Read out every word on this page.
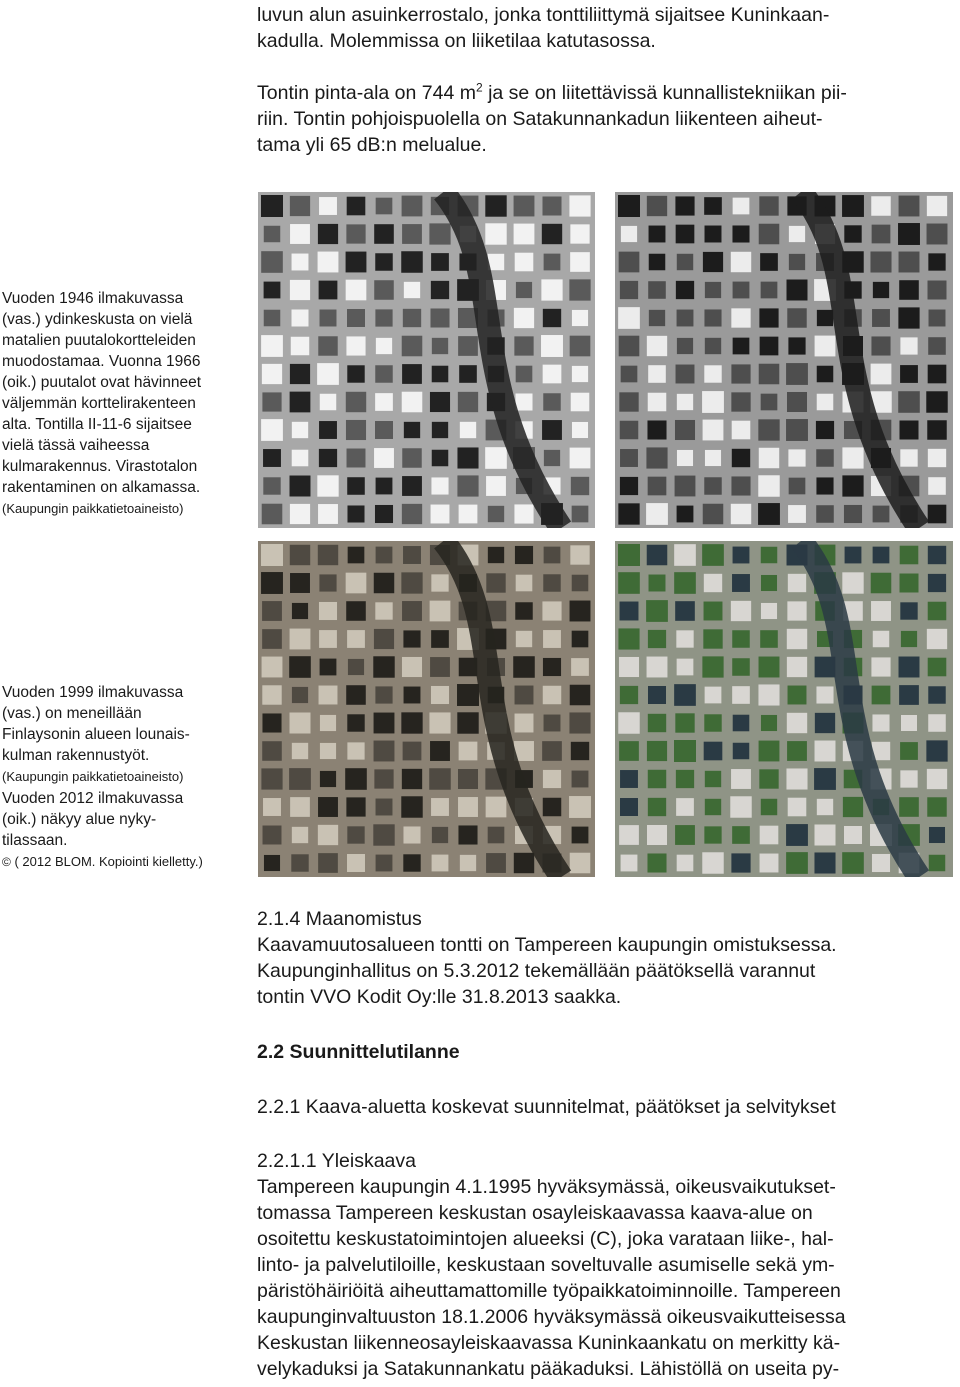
luvun alun asuinkerrostalo, jonka tonttiliittymä sijaitsee Kuninkaan-
kadulla. Molemmissa on liiketilaa katutasossa.
Tontin pinta-ala on 744 $m^2$ ja se on liitettävissä kunnallistekniikan pii-
riin. Tontin pohjoispuolella on Satakunnankadun liikenteen aiheut-
tama yli 65 dB:n melualue.
Vuoden 1946 ilmakuvassa
(vas.) ydinkeskusta on vielä
matalien puutalokortteleiden
muodostamaa. Vuonna 1966
(oik.) puutalot ovat hävinneet
väljemmän korttelirakenteen
alta. Tontilla II-11-6 sijaitsee
vielä tässä vaiheessa
kulmarakennus. Virastotalon
rakentaminen on alkamassa.
(Kaupungin paikkatietoaineisto)
Vuoden 1999 ilmakuvassa
(vas.) on meneillään
Finlaysonin alueen lounais-
kulman rakennustyöt.
(Kaupungin paikkatietoaineisto)
Vuoden 2012 ilmakuvassa
(oik.) näkyy alue nyky-
tilassaan.
© ( 2012 BLOM. Kopiointi kielletty.)
2.1.4 Maanomistus
Kaavamuutosalueen tontti on Tampereen kaupungin omistuksessa.
Kaupunginhallitus on 5.3.2012 tekemällään päätöksellä varannut
tontin VVO Kodit Oy:lle 31.8.2013 saakka.
2.2 Suunnittelutilanne
2.2.1 Kaava-aluetta koskevat suunnitelmat, päätökset ja selvitykset
2.2.1.1 Yleiskaava
Tampereen kaupungin 4.1.1995 hyväksymässä, oikeusvaikutukset-
tomassa Tampereen keskustan osayleiskaavassa kaava-alue on
osoitettu keskustatoimintojen alueeksi (C), joka varataan liike-, hal-
linto- ja palvelutiloille, keskustaan soveltuvalle asumiselle sekä ym-
päristöhäiriöitä aiheuttamattomille työpaikkatoiminnoille. Tampereen
kaupunginvaltuuston 18.1.2006 hyväksymässä oikeusvaikutteisessa
Keskustan liikenneosayleiskaavassa Kuninkaankatu on merkitty kä-
velykaduksi ja Satakunnankatu pääkaduksi. Lähistöllä on useita py-
